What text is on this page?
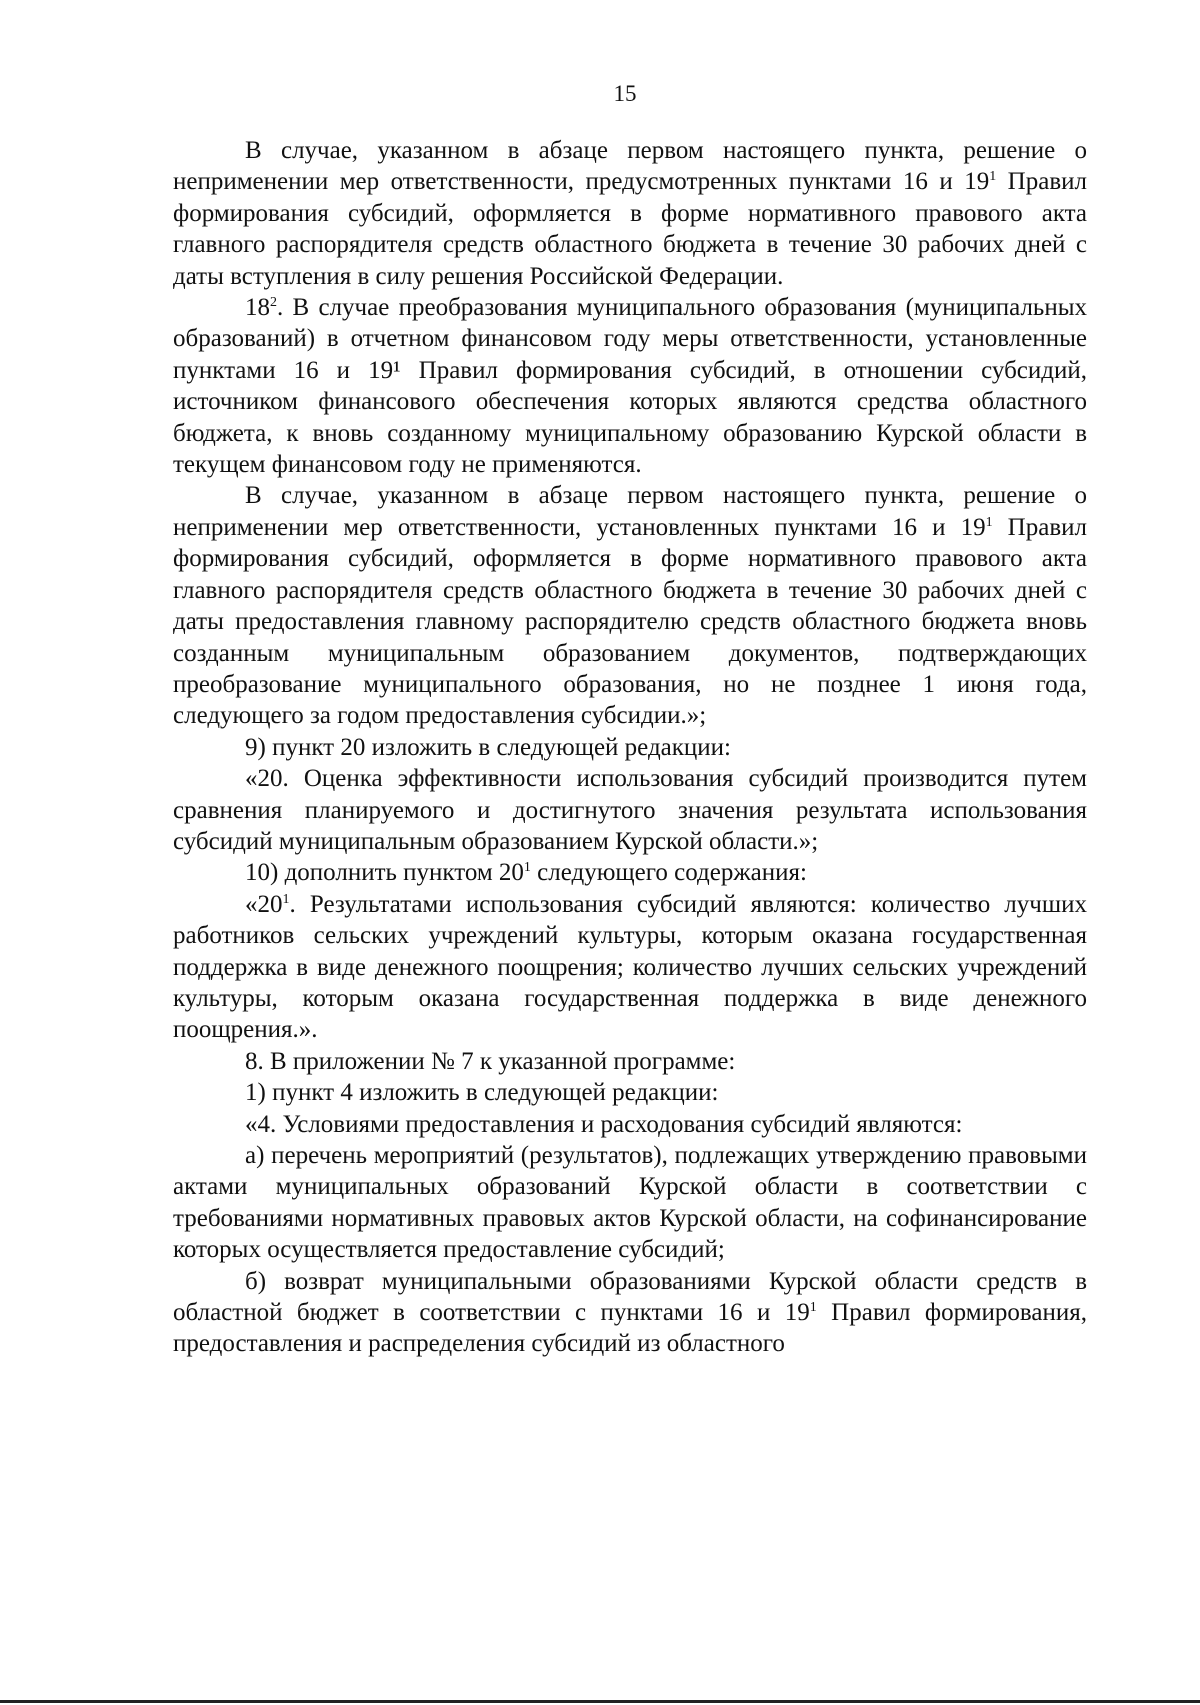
15

В случае, указанном в абзаце первом настоящего пункта, решение о неприменении мер ответственности, предусмотренных пунктами 16 и $19^1$ Правил формирования субсидий, оформляется в форме нормативного правового акта главного распорядителя средств областного бюджета в течение 30 рабочих дней с даты вступления в силу решения Российской Федерации.

$18^2$. В случае преобразования муниципального образования (муниципальных образований) в отчетном финансовом году меры ответственности, установленные пунктами 16 и 19¹ Правил формирования субсидий, в отношении субсидий, источником финансового обеспечения которых являются средства областного бюджета, к вновь созданному муниципальному образованию Курской области в текущем финансовом году не применяются.

В случае, указанном в абзаце первом настоящего пункта, решение о неприменении мер ответственности, установленных пунктами 16 и $19^1$ Правил формирования субсидий, оформляется в форме нормативного правового акта главного распорядителя средств областного бюджета в течение 30 рабочих дней с даты предоставления главному распорядителю средств областного бюджета вновь созданным муниципальным образованием документов, подтверждающих преобразование муниципального образования, но не позднее 1 июня года, следующего за годом предоставления субсидии.»;

9) пункт 20 изложить в следующей редакции:

«20. Оценка эффективности использования субсидий производится путем сравнения планируемого и достигнутого значения результата использования субсидий муниципальным образованием Курской области.»;

10) дополнить пунктом $20^1$ следующего содержания:

«$20^1$. Результатами использования субсидий являются: количество лучших работников сельских учреждений культуры, которым оказана государственная поддержка в виде денежного поощрения; количество лучших сельских учреждений культуры, которым оказана государственная поддержка в виде денежного поощрения.».

8. В приложении № 7 к указанной программе:

1) пункт 4 изложить в следующей редакции:

«4. Условиями предоставления и расходования субсидий являются:

а) перечень мероприятий (результатов), подлежащих утверждению правовыми актами муниципальных образований Курской области в соответствии с требованиями нормативных правовых актов Курской области, на софинансирование которых осуществляется предоставление субсидий;

б) возврат муниципальными образованиями Курской области средств в областной бюджет в соответствии с пунктами 16 и $19^1$ Правил формирования, предоставления и распределения субсидий из областного
